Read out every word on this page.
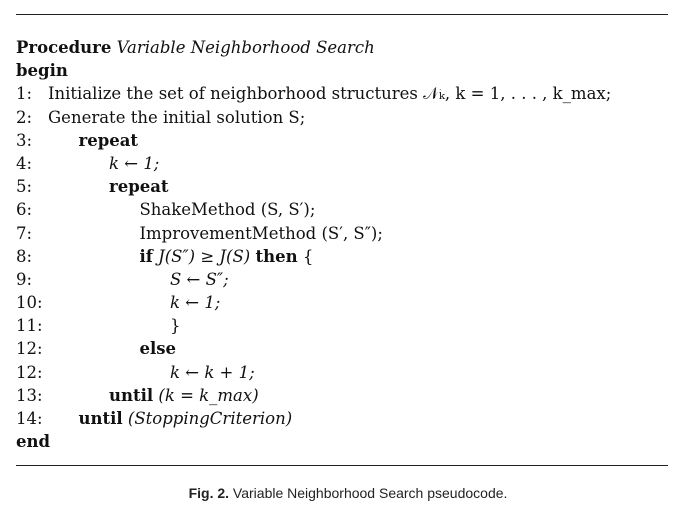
Procedure Variable Neighborhood Search
begin
1: Initialize the set of neighborhood structures 𝒩ₖ, k = 1, . . . , k_max;
2: Generate the initial solution S;
3:	repeat
4:	k ← 1;
5:	repeat
6:	ShakeMethod (S, S′);
7:	ImprovementMethod (S′, S″);
8:	if J(S″) ≥ J(S) then {
9:	S ← S″;
10:	k ← 1;
11:	}
12:	else
12:	k ← k + 1;
13:	until (k = k_max)
14: until (StoppingCriterion)
end
Fig. 2. Variable Neighborhood Search pseudocode.
